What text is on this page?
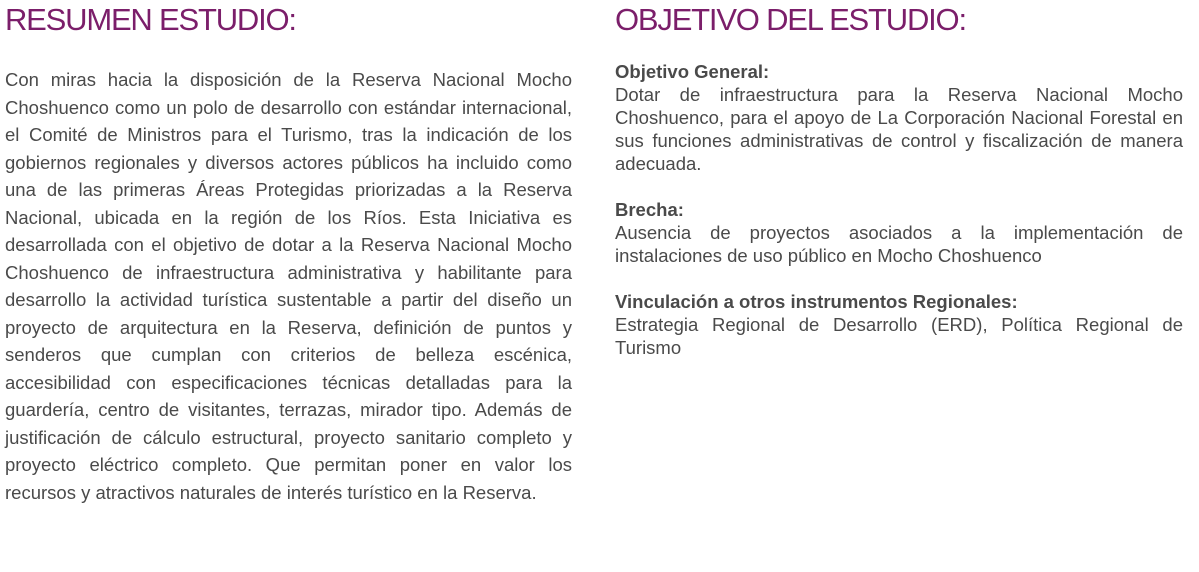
RESUMEN ESTUDIO:

Con miras hacia la disposición de la Reserva Nacional Mocho Choshuenco como un polo de desarrollo con estándar internacional, el Comité de Ministros para el Turismo, tras la indicación de los gobiernos regionales y diversos actores públicos ha incluido como una de las primeras Áreas Protegidas priorizadas a la Reserva Nacional, ubicada en la región de los Ríos. Esta Iniciativa es desarrollada con el objetivo de dotar a la Reserva Nacional Mocho Choshuenco de infraestructura administrativa y habilitante para desarrollo la actividad turística sustentable a partir del diseño un proyecto de arquitectura en la Reserva, definición de puntos y senderos que cumplan con criterios de belleza escénica, accesibilidad con especificaciones técnicas detalladas para la guardería, centro de visitantes, terrazas, mirador tipo. Además de justificación de cálculo estructural, proyecto sanitario completo y proyecto eléctrico completo. Que permitan poner en valor los recursos y atractivos naturales de interés turístico en la Reserva.

OBJETIVO DEL ESTUDIO:

Objetivo General:

Dotar de infraestructura para la Reserva Nacional Mocho Choshuenco, para el apoyo de La Corporación Nacional Forestal en sus funciones administrativas de control y fiscalización de manera adecuada.

Brecha:

Ausencia de proyectos asociados a la implementación de instalaciones de uso público en Mocho Choshuenco

Vinculación a otros instrumentos Regionales:

Estrategia Regional de Desarrollo (ERD), Política Regional de Turismo
